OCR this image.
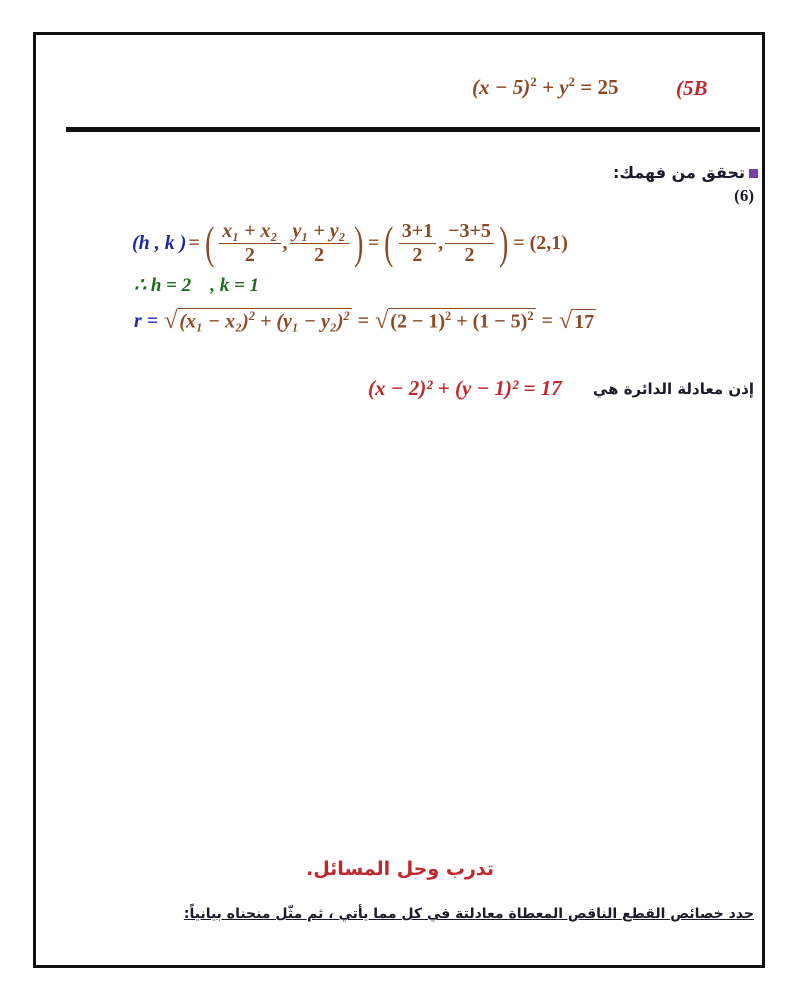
$(x - 5)^2 + y^2 = 25$	(5B
تحقق من فهمك:
(6)
(h , k ) = ( $\frac{\text{x₁ + x₂}}{2}$ , $\frac{\text{y₁ + y₂}}{2}$ ) = ( $\frac{3+1}{2}$ , $\frac{-3+5}{2}$ ) = (2,1)
∴ h = 2    , k = 1
r = √ $(x_1 - x_2)^2 + (y_1 - y_2)^2$ = √ $(2 - 1)^2 + (1 - 5)^2$ = √ 17
إذن معادلة الدائرة هي
(x − 2)² + (y − 1)² = 17
تدرب وحل المسائل.
حدد خصائص القطع الناقص المعطاة معادلتة في كل مما يأتي ، ثم مثّل منحناه بيانياً:
